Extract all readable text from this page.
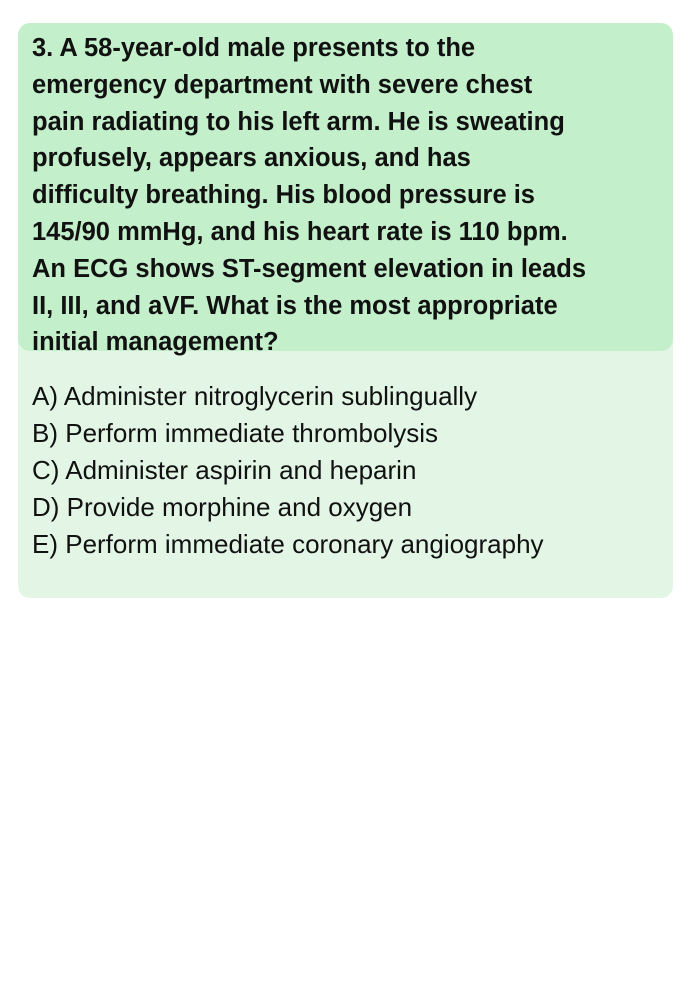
3. A 58-year-old male presents to the
emergency department with severe chest
pain radiating to his left arm. He is sweating
profusely, appears anxious, and has
difficulty breathing. His blood pressure is
145/90 mmHg, and his heart rate is 110 bpm.
An ECG shows ST-segment elevation in leads
II, III, and aVF. What is the most appropriate
initial management?
A) Administer nitroglycerin sublingually
B) Perform immediate thrombolysis
C) Administer aspirin and heparin
D) Provide morphine and oxygen
E) Perform immediate coronary angiography
